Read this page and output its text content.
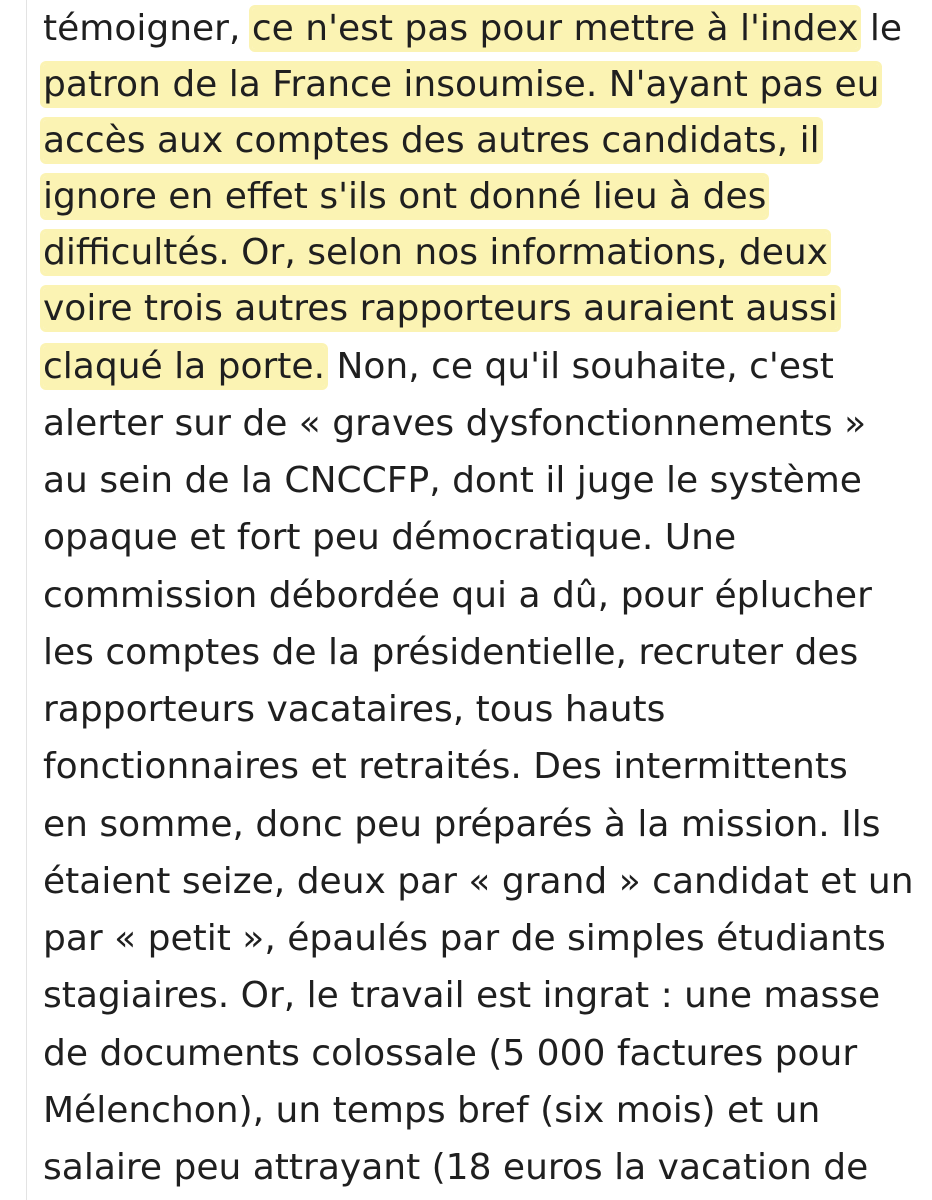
témoigner, ce n'est pas pour mettre à l'index le
patron de la France insoumise. N'ayant pas eu
accès aux comptes des autres candidats, il
ignore en effet s'ils ont donné lieu à des
difficultés. Or, selon nos informations, deux
voire trois autres rapporteurs auraient aussi
claqué la porte. Non, ce qu'il souhaite, c'est
alerter sur de « graves dysfonctionnements »
au sein de la CNCCFP, dont il juge le système
opaque et fort peu démocratique. Une
commission débordée qui a dû, pour éplucher
les comptes de la présidentielle, recruter des
rapporteurs vacataires, tous hauts
fonctionnaires et retraités. Des intermittents
en somme, donc peu préparés à la mission. Ils
étaient seize, deux par « grand » candidat et un
par « petit », épaulés par de simples étudiants
stagiaires. Or, le travail est ingrat : une masse
de documents colossale (5 000 factures pour
Mélenchon), un temps bref (six mois) et un
salaire peu attrayant (18 euros la vacation de
